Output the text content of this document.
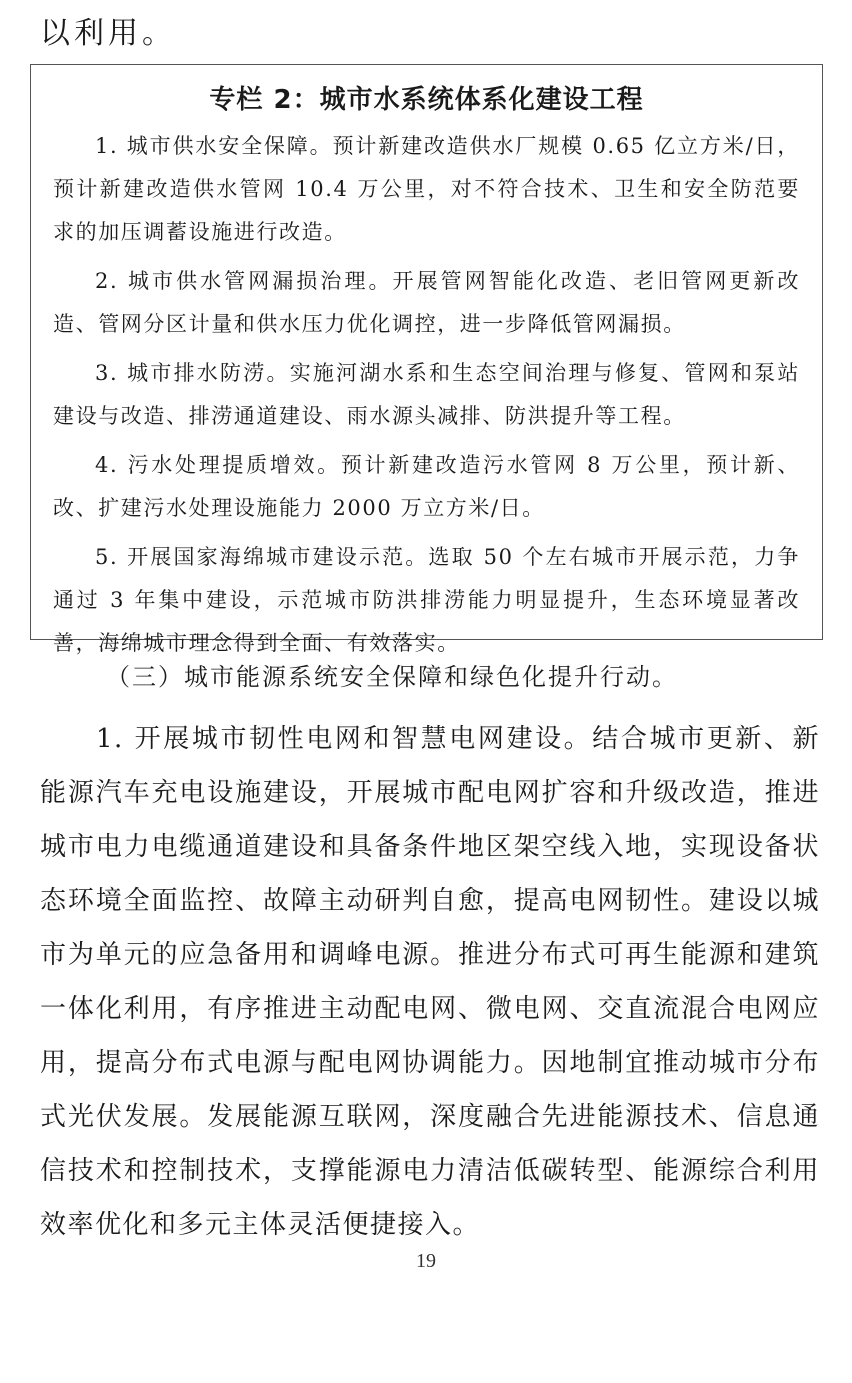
以利用。
专栏 2：城市水系统体系化建设工程

1. 城市供水安全保障。预计新建改造供水厂规模 0.65 亿立方米/日，预计新建改造供水管网 10.4 万公里，对不符合技术、卫生和安全防范要求的加压调蓄设施进行改造。

2. 城市供水管网漏损治理。开展管网智能化改造、老旧管网更新改造、管网分区计量和供水压力优化调控，进一步降低管网漏损。

3. 城市排水防涝。实施河湖水系和生态空间治理与修复、管网和泵站建设与改造、排涝通道建设、雨水源头减排、防洪提升等工程。

4. 污水处理提质增效。预计新建改造污水管网 8 万公里，预计新、改、扩建污水处理设施能力 2000 万立方米/日。

5. 开展国家海绵城市建设示范。选取 50 个左右城市开展示范，力争通过 3 年集中建设，示范城市防洪排涝能力明显提升，生态环境显著改善，海绵城市理念得到全面、有效落实。

（三）城市能源系统安全保障和绿色化提升行动。

1. 开展城市韧性电网和智慧电网建设。结合城市更新、新能源汽车充电设施建设，开展城市配电网扩容和升级改造，推进城市电力电缆通道建设和具备条件地区架空线入地，实现设备状态环境全面监控、故障主动研判自愈，提高电网韧性。建设以城市为单元的应急备用和调峰电源。推进分布式可再生能源和建筑一体化利用，有序推进主动配电网、微电网、交直流混合电网应用，提高分布式电源与配电网协调能力。因地制宜推动城市分布式光伏发展。发展能源互联网，深度融合先进能源技术、信息通信技术和控制技术，支撑能源电力清洁低碳转型、能源综合利用效率优化和多元主体灵活便捷接入。

19
